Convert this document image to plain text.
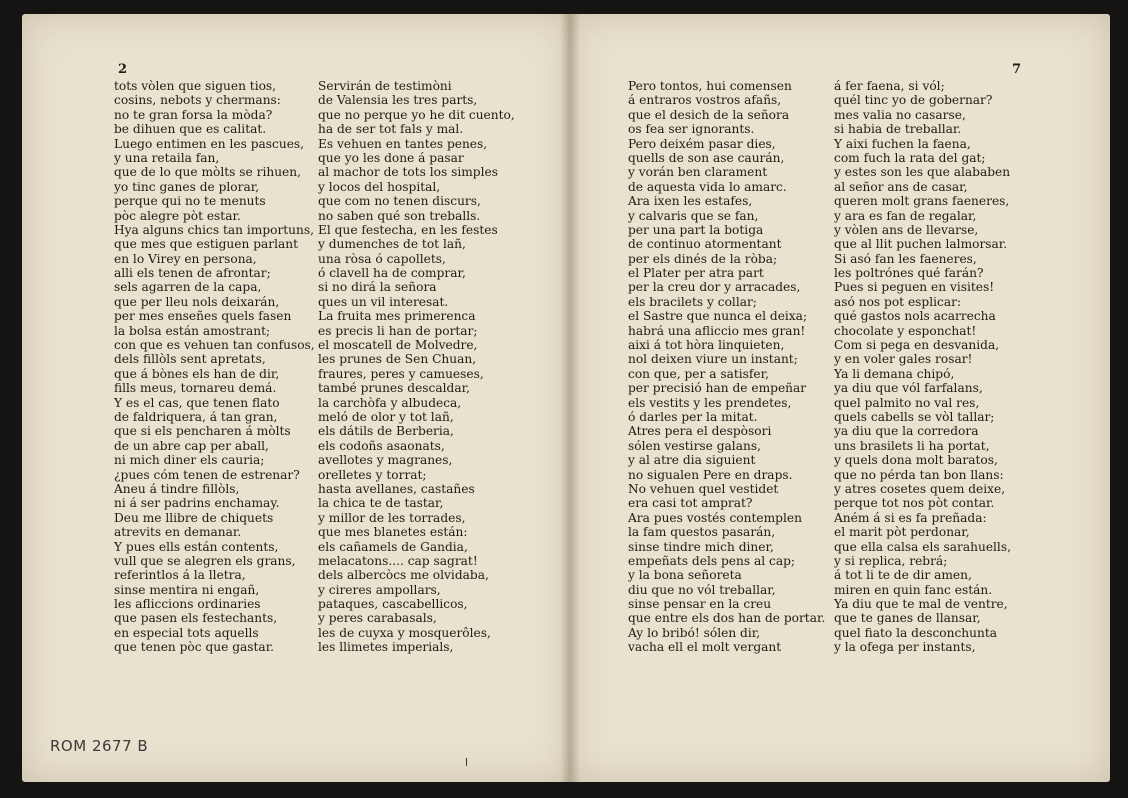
2	7
tots vòlen que siguen tios,
cosins, nebots y chermans:
no te gran forsa la mòda?
be dihuen que es calitat.
Luego entimen en les pascues,
y una retaila fan,
que de lo que mòlts se rihuen,
yo tinc ganes de plorar,
perque qui no te menuts
pòc alegre pòt estar.
Hya alguns chics tan importuns,
que mes que estiguen parlant
en lo Virey en persona,
alli els tenen de afrontar;
sels agarren de la capa,
que per lleu nols deixarán,
per mes enseñes quels fasen
la bolsa están amostrant;
con que es vehuen tan confusos,
dels fillòls sent apretats,
que á bònes els han de dir,
fills meus, tornareu demá.
Y es el cas, que tenen flato
de faldriquera, á tan gran,
que si els pencharen á mòlts
de un abre cap per aball,
ni mich diner els cauria;
¿pues cóm tenen de estrenar?
Aneu á tindre fillòls,
ni á ser padrins enchamay.
Deu me llibre de chiquets
atrevits en demanar.
Y pues ells están contents,
vull que se alegren els grans,
referintlos á la lletra,
sinse mentira ni engañ,
les afliccions ordinaries
que pasen els festechants,
en especial tots aquells
que tenen pòc que gastar.
Servirán de testimòni
de Valensia les tres parts,
que no perque yo he dit cuento,
ha de ser tot fals y mal.
Es vehuen en tantes penes,
que yo les done á pasar
al machor de tots los simples
y locos del hospital,
que com no tenen discurs,
no saben qué son treballs.
El que festecha, en les festes
y dumenches de tot lañ,
una ròsa ó capollets,
ó clavell ha de comprar,
si no dirá la señora
ques un vil interesat.
La fruita mes primerenca
es precis li han de portar;
el moscatell de Molvedre,
les prunes de Sen Chuan,
fraures, peres y camueses,
també prunes descaldar,
la carchòfa y albudeca,
meló de olor y tot lañ,
els dátils de Berberia,
els codoñs asaonats,
avellotes y magranes,
orelletes y torrat;
hasta avellanes, castañes
la chica te de tastar,
y millor de les torrades,
que mes blanetes están:
els cañamels de Gandia,
melacatons.... cap sagrat!
dels albercòcs me olvidaba,
y cireres ampollars,
pataques, cascabellicos,
y peres carabasals,
les de cuyxa y mosquerôles,
les llimetes imperials,
Pero tontos, hui comensen
á entraros vostros afañs,
que el desich de la señora
os fea ser ignorants.
Pero deixém pasar dies,
quells de son ase caurán,
y vorán ben clarament
de aquesta vida lo amarc.
Ara ixen les estafes,
y calvaris que se fan,
per una part la botiga
de continuo atormentant
per els dinés de la ròba;
el Plater per atra part
per la creu dor y arracades,
els bracilets y collar;
el Sastre que nunca el deixa;
habrá una afliccio mes gran!
aixi á tot hòra linquieten,
nol deixen viure un instant;
con que, per a satisfer,
per precisió han de empeñar
els vestits y les prendetes,
ó darles per la mitat.
Atres pera el despòsori
sólen vestirse galans,
y al atre dia siguient
no sigualen Pere en draps.
No vehuen quel vestidet
era casi tot amprat?
Ara pues vostés contemplen
la fam questos pasarán,
sinse tindre mich diner,
empeñats dels pens al cap;
y la bona señoreta
diu que no vól treballar,
sinse pensar en la creu
que entre els dos han de portar.
Ay lo bribó! sólen dir,
vacha ell el molt vergant
á fer faena, si vól;
quél tinc yo de gobernar?
mes valia no casarse,
si habia de treballar.
Y aixi fuchen la faena,
com fuch la rata del gat;
y estes son les que alababen
al señor ans de casar,
queren molt grans faeneres,
y ara es fan de regalar,
y vòlen ans de llevarse,
que al llit puchen lalmorsar.
Si asó fan les faeneres,
les poltrónes qué farán?
Pues si peguen en visites!
asó nos pot esplicar:
qué gastos nols acarrecha
chocolate y esponchat!
Com si pega en desvanida,
y en voler gales rosar!
Ya li demana chipó,
ya diu que vól farfalans,
quel palmito no val res,
quels cabells se vòl tallar;
ya diu que la corredora
uns brasilets li ha portat,
y quels dona molt baratos,
que no pérda tan bon llans:
y atres cosetes quem deixe,
perque tot nos pòt contar.
Aném á si es fa preñada:
el marit pòt perdonar,
que ella calsa els sarahuells,
y si replica, rebrá;
á tot li te de dir amen,
miren en quin fanc están.
Ya diu que te mal de ventre,
que te ganes de llansar,
quel fiato la desconchunta
y la ofega per instants,
ROM 2677 B
